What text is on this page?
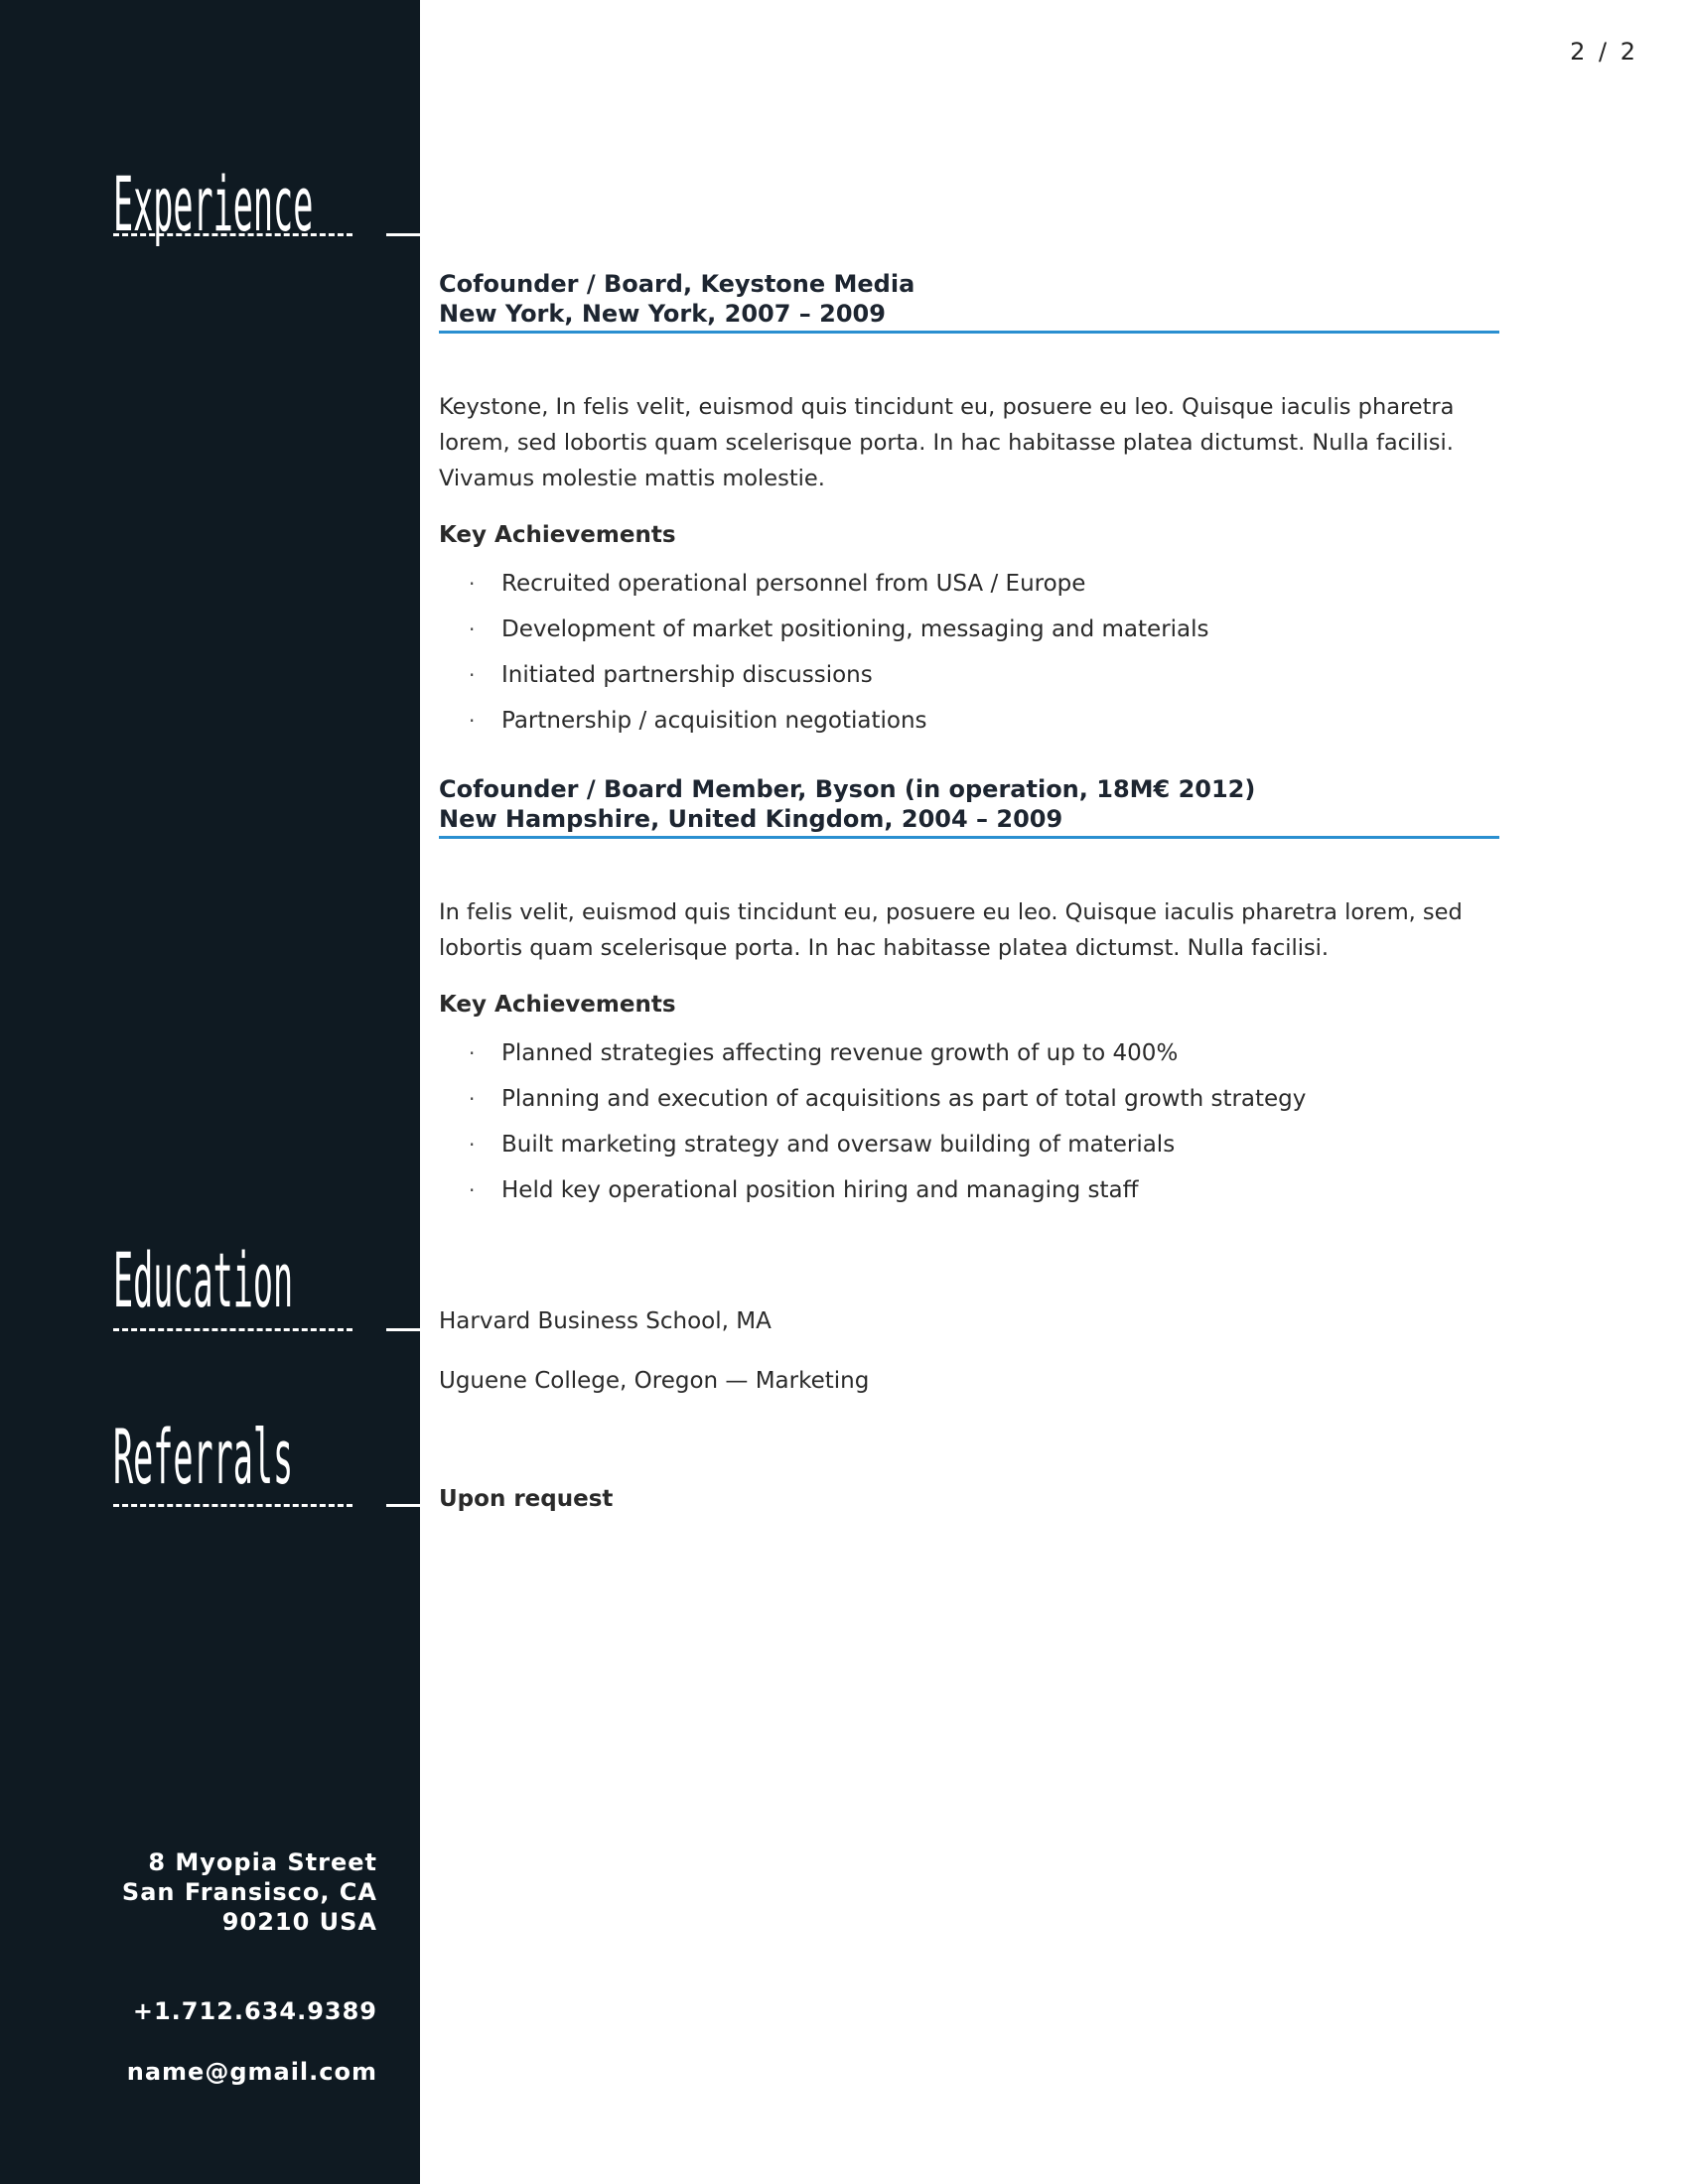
2 / 2
Experience
Cofounder / Board, Keystone Media
New York, New York, 2007 – 2009
Keystone, In felis velit, euismod quis tincidunt eu, posuere eu leo. Quisque iaculis pharetra lorem, sed lobortis quam scelerisque porta. In hac habitasse platea dictumst. Nulla facilisi. Vivamus molestie mattis molestie.
Key Achievements
· Recruited operational personnel from USA / Europe
· Development of market positioning, messaging and materials
· Initiated partnership discussions
· Partnership / acquisition negotiations
Cofounder / Board Member, Byson (in operation, 18M€ 2012)
New Hampshire, United Kingdom, 2004 – 2009
In felis velit, euismod quis tincidunt eu, posuere eu leo. Quisque iaculis pharetra lorem, sed lobortis quam scelerisque porta. In hac habitasse platea dictumst. Nulla facilisi.
Key Achievements
· Planned strategies affecting revenue growth of up to 400%
· Planning and execution of acquisitions as part of total growth strategy
· Built marketing strategy and oversaw building of materials
· Held key operational position hiring and managing staff
Education	Harvard Business School, MA
Uguene College, Oregon — Marketing
Referrals	Upon request
8 Myopia Street
San Fransisco, CA
90210 USA
+1.712.634.9389
name@gmail.com
